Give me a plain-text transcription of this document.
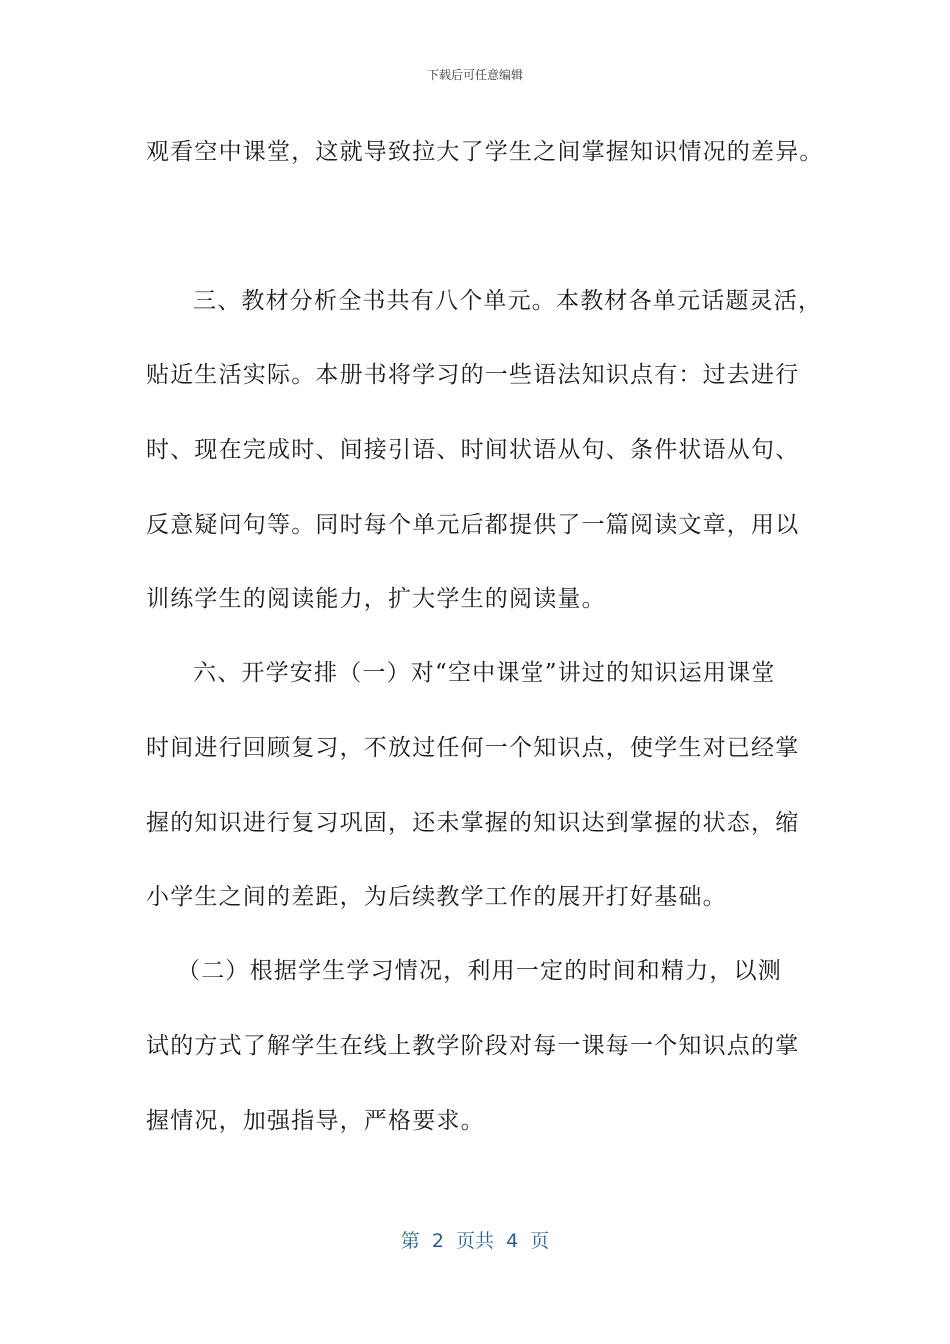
下载后可任意编辑
观看空中课堂，这就导致拉大了学生之间掌握知识情况的差异。
三、教材分析全书共有八个单元。本教材各单元话题灵活，
贴近生活实际。本册书将学习的一些语法知识点有：过去进行
时、现在完成时、间接引语、时间状语从句、条件状语从句、
反意疑问句等。同时每个单元后都提供了一篇阅读文章，用以
训练学生的阅读能力，扩大学生的阅读量。
六、开学安排（一）对“空中课堂”讲过的知识运用课堂
时间进行回顾复习，不放过任何一个知识点，使学生对已经掌
握的知识进行复习巩固，还未掌握的知识达到掌握的状态，缩
小学生之间的差距，为后续教学工作的展开打好基础。
（二）根据学生学习情况，利用一定的时间和精力，以测
试的方式了解学生在线上教学阶段对每一课每一个知识点的掌
握情况，加强指导，严格要求。
第  2  页共  4  页
